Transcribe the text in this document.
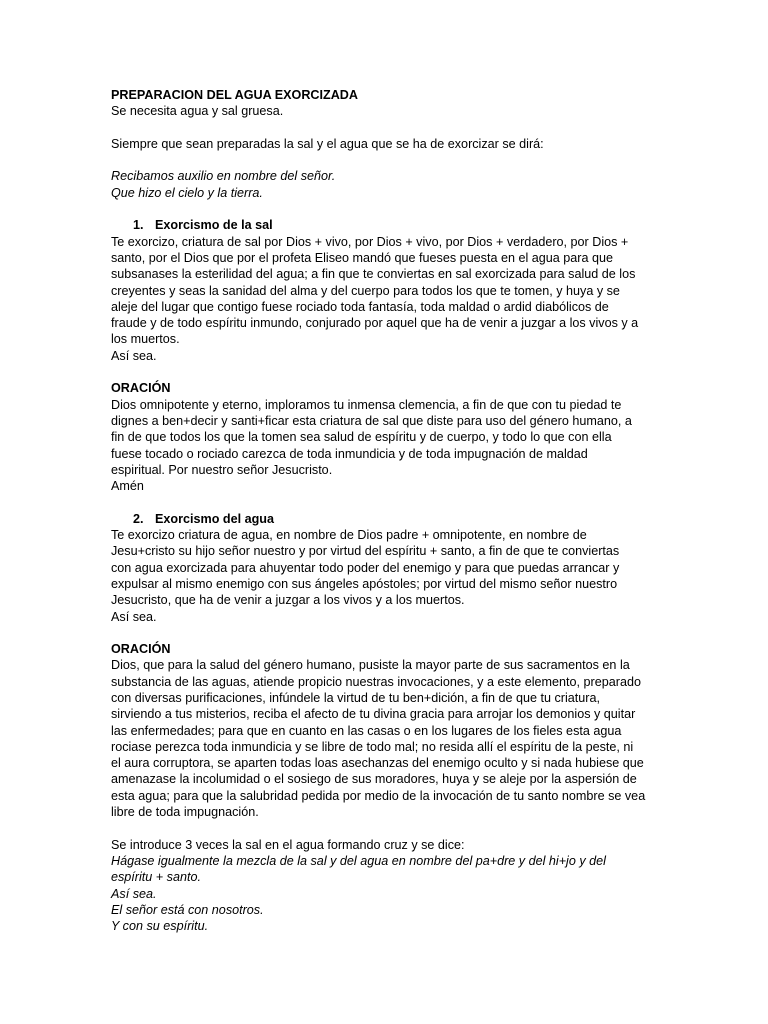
PREPARACION DEL AGUA EXORCIZADA
Se necesita agua y sal gruesa.
Siempre que sean preparadas la sal y el agua que se ha de exorcizar se dirá:
Recibamos auxilio en nombre del señor.
Que hizo el cielo y la tierra.
1. Exorcismo de la sal
Te exorcizo, criatura de sal por Dios + vivo, por Dios + vivo, por Dios + verdadero, por Dios +
santo, por el Dios que por el profeta Eliseo mandó que fueses puesta en el agua para que
subsanases la esterilidad del agua; a fin que te conviertas en sal exorcizada para salud de los
creyentes y seas la sanidad del alma y del cuerpo para todos los que te tomen, y huya y se
aleje del lugar que contigo fuese rociado toda fantasía, toda maldad o ardid diabólicos de
fraude y de todo espíritu inmundo, conjurado por aquel que ha de venir a juzgar a los vivos y a
los muertos.
Así sea.
ORACIÓN
Dios omnipotente y eterno, imploramos tu inmensa clemencia, a fin de que con tu piedad te
dignes a ben+decir y santi+ficar esta criatura de sal que diste para uso del género humano, a
fin de que todos los que la tomen sea salud de espíritu y de cuerpo, y todo lo que con ella
fuese tocado o rociado carezca de toda inmundicia y de toda impugnación de maldad
espiritual. Por nuestro señor Jesucristo.
Amén
2. Exorcismo del agua
Te exorcizo criatura de agua, en nombre de Dios padre + omnipotente, en nombre de
Jesu+cristo su hijo señor nuestro y por virtud del espíritu + santo, a fin de que te conviertas
con agua exorcizada para ahuyentar todo poder del enemigo y para que puedas arrancar y
expulsar al mismo enemigo con sus ángeles apóstoles; por virtud del mismo señor nuestro
Jesucristo, que ha de venir a juzgar a los vivos y a los muertos.
Así sea.
ORACIÓN
Dios, que para la salud del género humano, pusiste la mayor parte de sus sacramentos en la
substancia de las aguas, atiende propicio nuestras invocaciones, y a este elemento, preparado
con diversas purificaciones, infúndele la virtud de tu ben+dición, a fin de que tu criatura,
sirviendo a tus misterios, reciba el afecto de tu divina gracia para arrojar los demonios y quitar
las enfermedades; para que en cuanto en las casas o en los lugares de los fieles esta agua
rociase perezca toda inmundicia y se libre de todo mal; no resida allí el espíritu de la peste, ni
el aura corruptora, se aparten todas loas asechanzas del enemigo oculto y si nada hubiese que
amenazase la incolumidad o el sosiego de sus moradores, huya y se aleje por la aspersión de
esta agua; para que la salubridad pedida por medio de la invocación de tu santo nombre se vea
libre de toda impugnación.
Se introduce 3 veces la sal en el agua formando cruz y se dice:
Hágase igualmente la mezcla de la sal y del agua en nombre del pa+dre y del hi+jo y del
espíritu + santo.
Así sea.
El señor está con nosotros.
Y con su espíritu.
